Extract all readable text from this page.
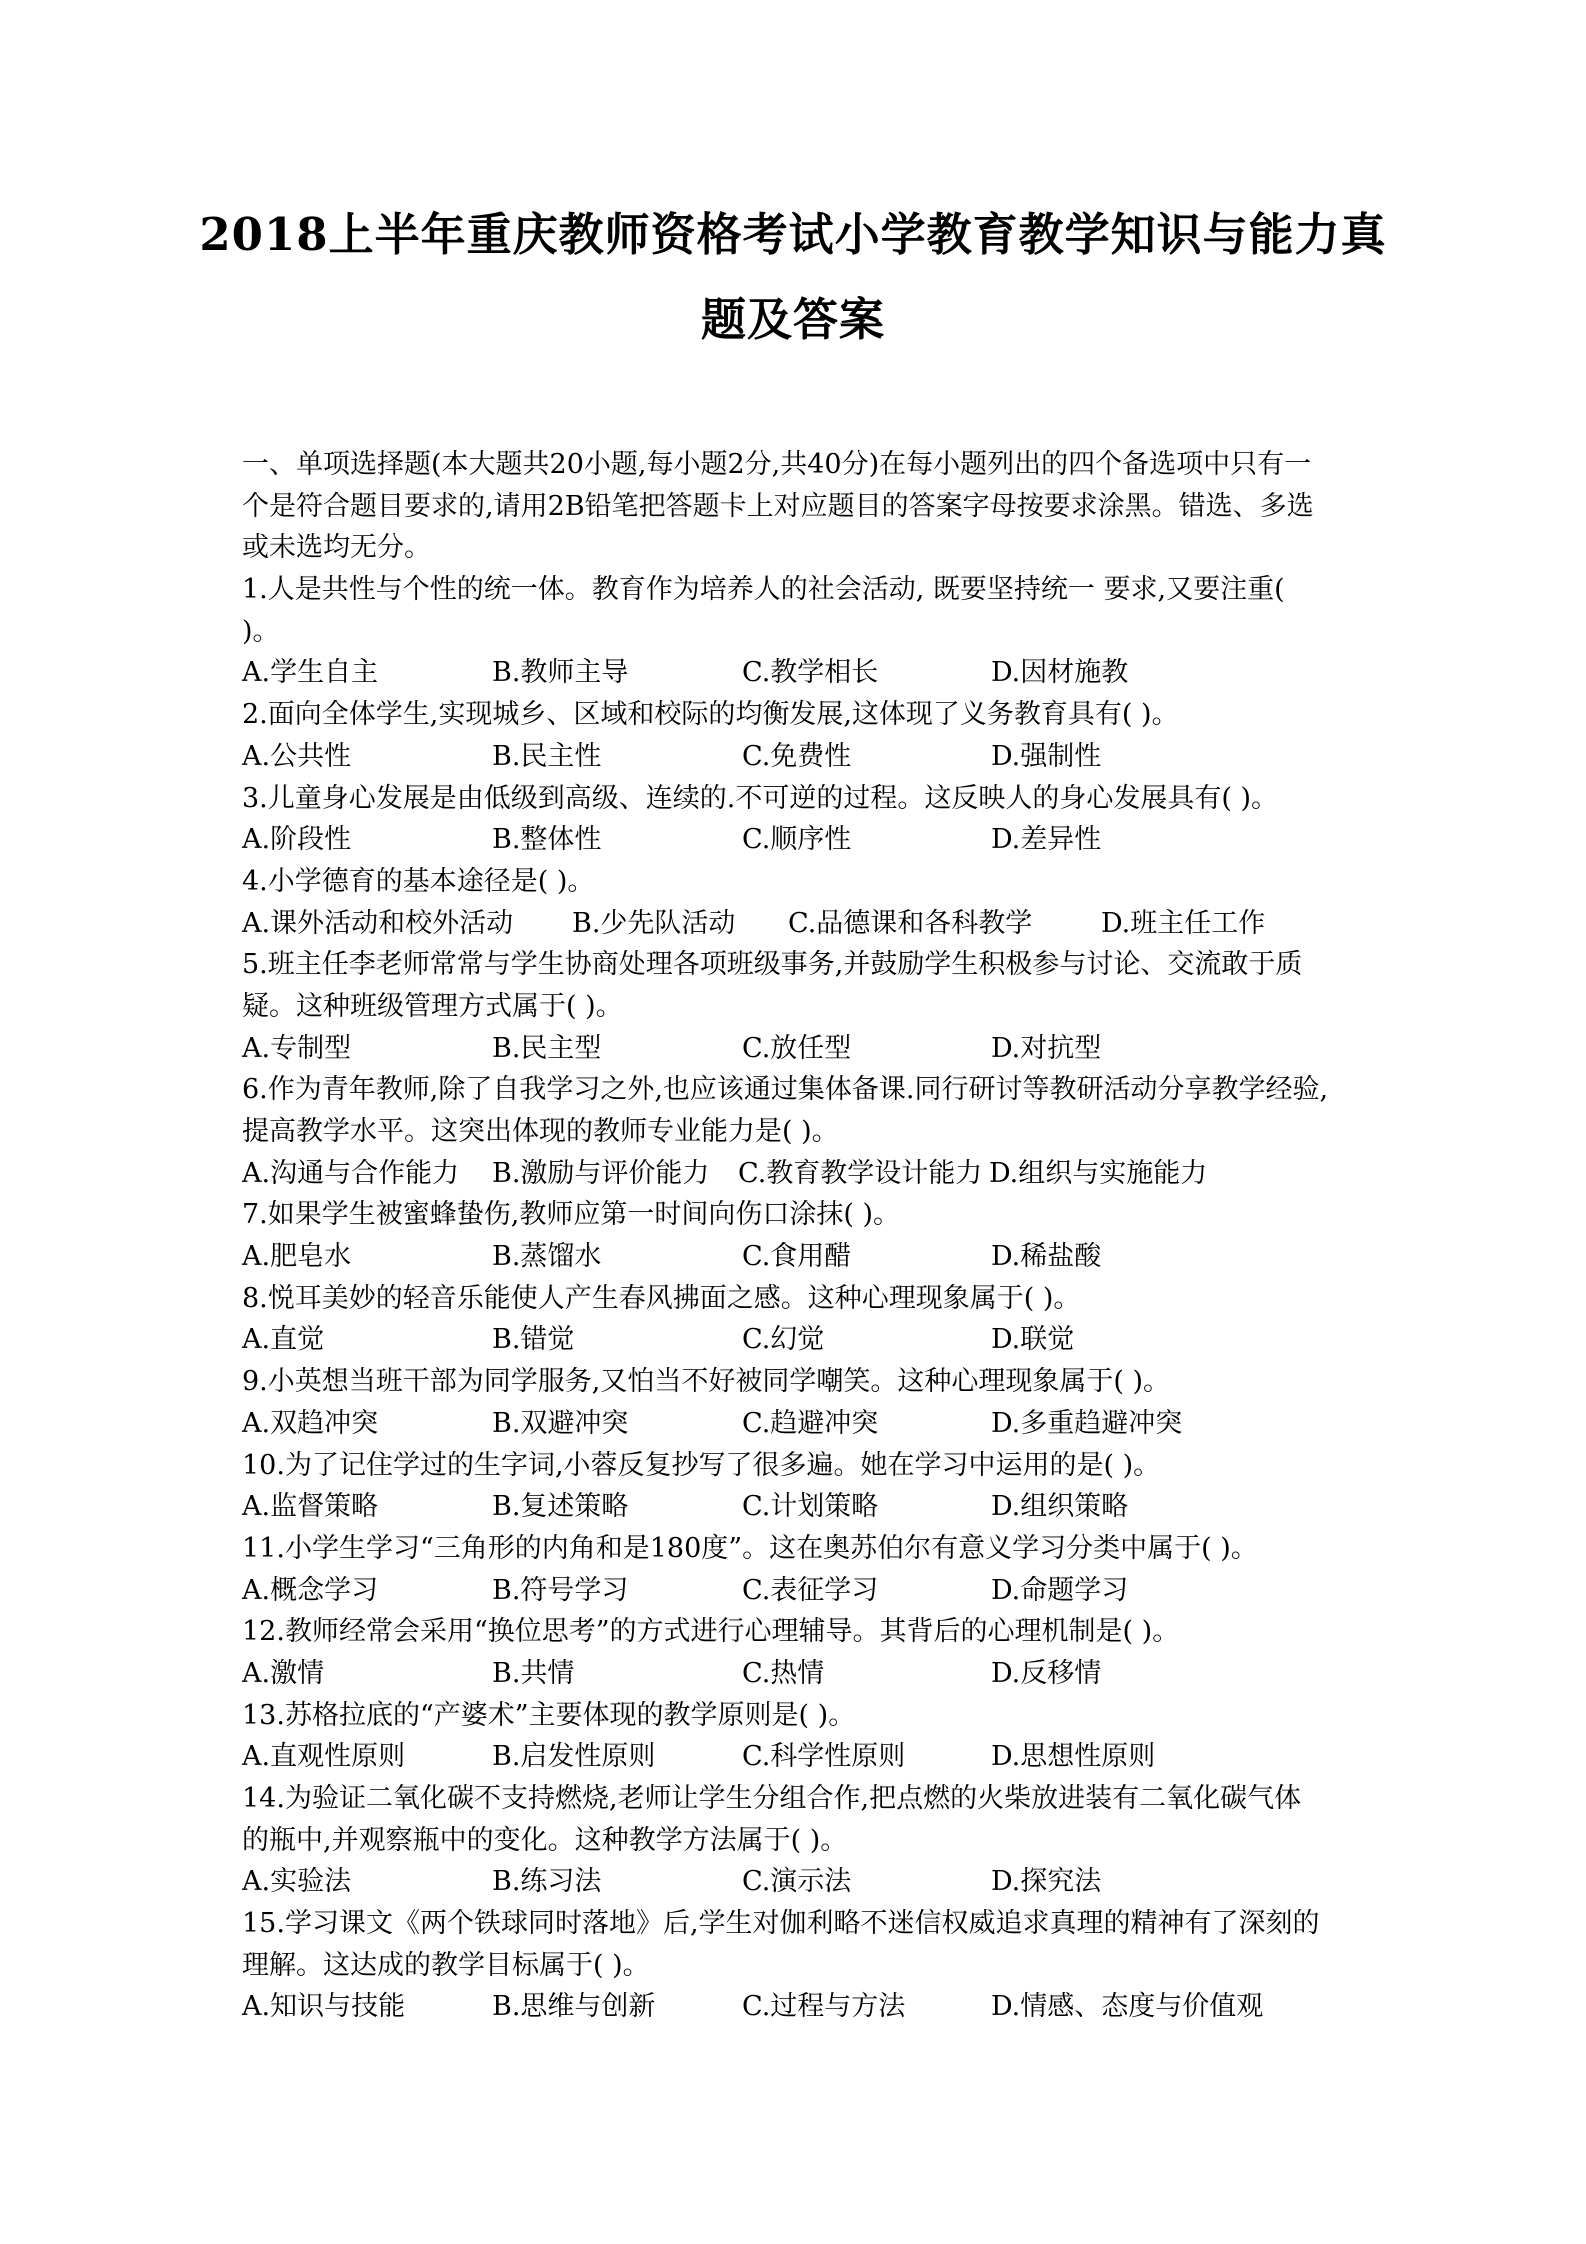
2018上半年重庆教师资格考试小学教育教学知识与能力真
题及答案
一、单项选择题(本大题共20小题,每小题2分,共40分)在每小题列出的四个备选项中只有一
个是符合题目要求的,请用2B铅笔把答题卡上对应题目的答案字母按要求涂黑。错选、多选
或未选均无分。
1.人是共性与个性的统一体。教育作为培养人的社会活动, 既要坚持统一 要求,又要注重(
)。
A.学生自主	B.教师主导	C.教学相长	D.因材施教
2.面向全体学生,实现城乡、区域和校际的均衡发展,这体现了义务教育具有( )。
A.公共性	B.民主性	C.免费性	D.强制性
3.儿童身心发展是由低级到高级、连续的.不可逆的过程。这反映人的身心发展具有( )。
A.阶段性	B.整体性	C.顺序性	D.差异性
4.小学德育的基本途径是( )。
A.课外活动和校外活动 B.少先队活动 C.品德课和各科教学	D.班主任工作
5.班主任李老师常常与学生协商处理各项班级事务,并鼓励学生积极参与讨论、交流敢于质
疑。这种班级管理方式属于( )。
A.专制型	B.民主型	C.放任型	D.对抗型
6.作为青年教师,除了自我学习之外,也应该通过集体备课.同行研讨等教研活动分享教学经验,
提高教学水平。这突出体现的教师专业能力是( )。
A.沟通与合作能力 B.激励与评价能力 C.教育教学设计能力 D.组织与实施能力
7.如果学生被蜜蜂蛰伤,教师应第一时间向伤口涂抹( )。
A.肥皂水	B.蒸馏水	C.食用醋	D.稀盐酸
8.悦耳美妙的轻音乐能使人产生春风拂面之感。这种心理现象属于( )。
A.直觉	B.错觉	C.幻觉	D.联觉
9.小英想当班干部为同学服务,又怕当不好被同学嘲笑。这种心理现象属于( )。
A.双趋冲突	B.双避冲突	C.趋避冲突	D.多重趋避冲突
10.为了记住学过的生字词,小蓉反复抄写了很多遍。她在学习中运用的是( )。
A.监督策略	B.复述策略	C.计划策略	D.组织策略
11.小学生学习“三角形的内角和是180度”。这在奥苏伯尔有意义学习分类中属于( )。
A.概念学习	B.符号学习	C.表征学习	D.命题学习
12.教师经常会采用“换位思考”的方式进行心理辅导。其背后的心理机制是( )。
A.激情	B.共情	C.热情	D.反移情
13.苏格拉底的“产婆术”主要体现的教学原则是( )。
A.直观性原则	B.启发性原则	C.科学性原则	D.思想性原则
14.为验证二氧化碳不支持燃烧,老师让学生分组合作,把点燃的火柴放进装有二氧化碳气体
的瓶中,并观察瓶中的变化。这种教学方法属于( )。
A.实验法	B.练习法	C.演示法	D.探究法
15.学习课文《两个铁球同时落地》后,学生对伽利略不迷信权威追求真理的精神有了深刻的
理解。这达成的教学目标属于( )。
A.知识与技能	B.思维与创新	C.过程与方法	D.情感、态度与价值观
